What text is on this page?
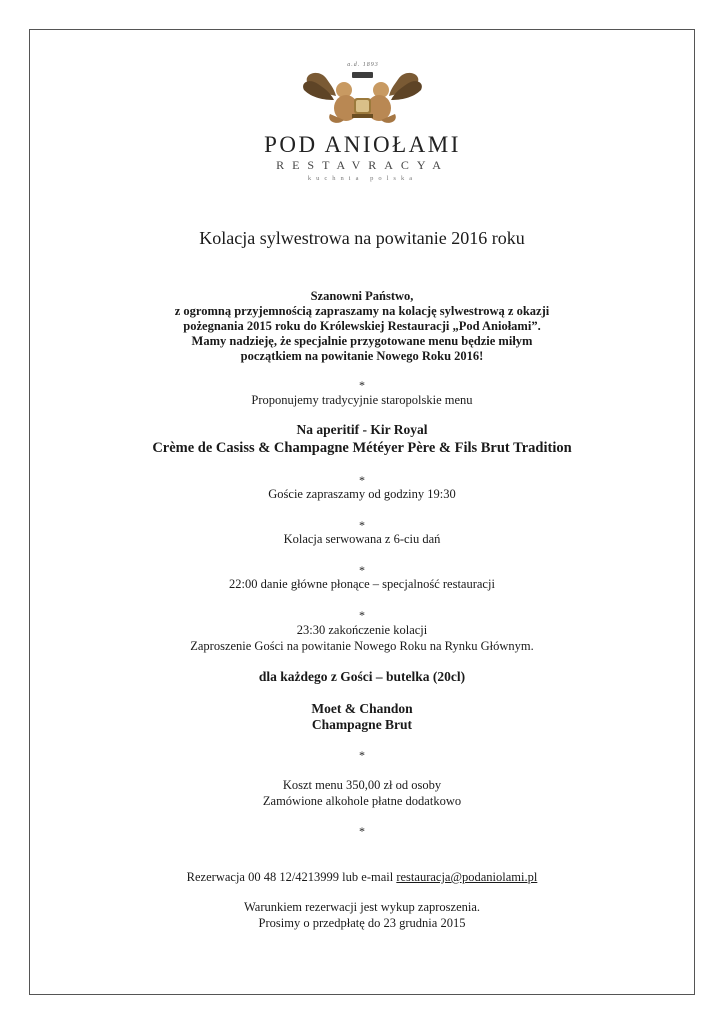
a.d. 1893
POD ANIOŁAMI
RESTAVRACYA
kuchnia polska
Kolacja sylwestrowa na powitanie 2016 roku
Szanowni Państwo,
z ogromną przyjemnością zapraszamy na kolację sylwestrową z okazji
pożegnania 2015 roku do Królewskiej Restauracji „Pod Aniołami”.
Mamy nadzieję, że specjalnie przygotowane menu będzie miłym
początkiem na powitanie Nowego Roku 2016!
*
Proponujemy tradycyjnie staropolskie menu
Na aperitif - Kir Royal
Crème de Casiss & Champagne Météyer Père & Fils Brut Tradition
*
Goście zapraszamy od godziny 19:30
*
Kolacja serwowana z 6-ciu dań
*
22:00 danie główne płonące – specjalność restauracji
*
23:30 zakończenie kolacji
Zaproszenie Gości na powitanie Nowego Roku na Rynku Głównym.
dla każdego z Gości – butelka (20cl)
Moet & Chandon
Champagne Brut
*
Koszt menu 350,00 zł od osoby
Zamówione alkohole płatne dodatkowo
*
Rezerwacja 00 48 12/4213999 lub e-mail restauracja@podaniolami.pl
Warunkiem rezerwacji jest wykup zaproszenia.
Prosimy o przedpłatę do 23 grudnia 2015
